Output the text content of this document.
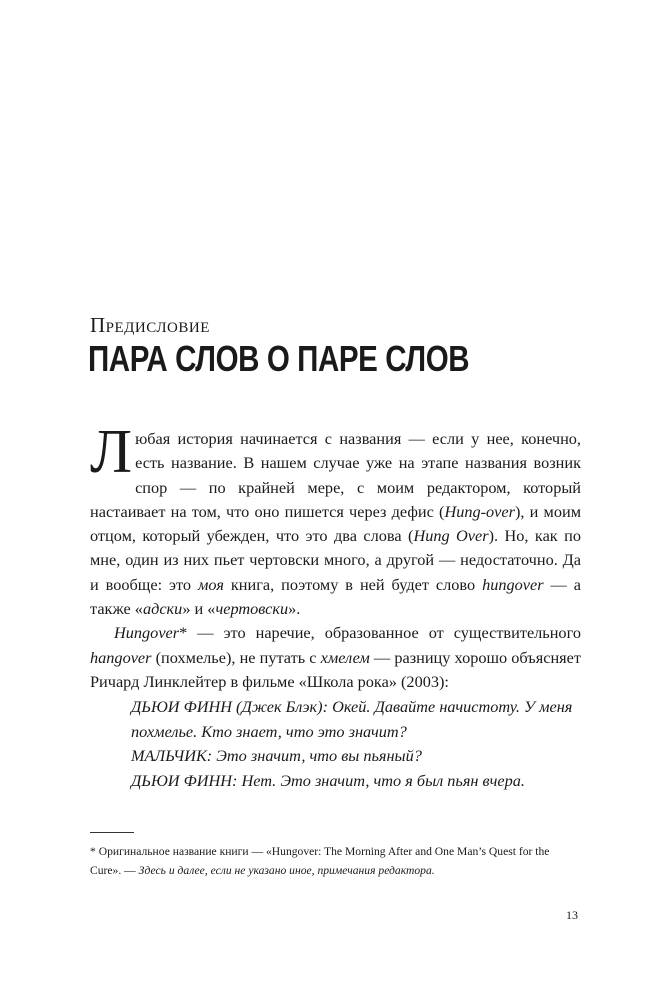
Предисловие
ПАРА СЛОВ О ПАРЕ СЛОВ

Любая история начинается с названия — если у нее, конечно, есть название. В нашем случае уже на этапе названия возник спор — по крайней мере, с моим редактором, который настаивает на том, что оно пишется через дефис (Hung-over), и моим отцом, который убежден, что это два слова (Hung Over). Но, как по мне, один из них пьет чертовски много, а другой — недостаточно. Да и вообще: это моя книга, поэтому в ней будет слово hungover — а также «адски» и «чертовски».

Hungover* — это наречие, образованное от существительного hangover (похмелье), не путать с хмелем — разницу хорошо объясняет Ричард Линклейтер в фильме «Школа рока» (2003):

ДЬЮИ ФИНН (Джек Блэк): Окей. Давайте начистоту. У меня
похмелье. Кто знает, что это значит?
МАЛЬЧИК: Это значит, что вы пьяный?
ДЬЮИ ФИНН: Нет. Это значит, что я был пьян вчера.
* Оригинальное название книги — «Hungover: The Morning After and One Man’s Quest for the Cure». — Здесь и далее, если не указано иное, примечания редактора.
13
